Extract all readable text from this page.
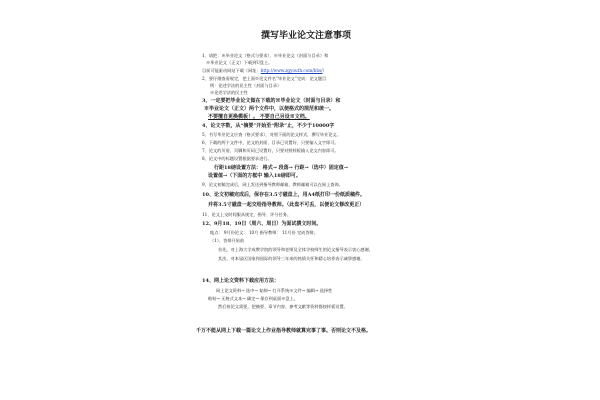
撰写毕业论文注意事项
1、请把：※毕业论文（格式与要求）、※毕业论文（封面与目录）和
※毕业论文（正文）下载到U盘上。
目前可能驱动网站下载（网址：http://www.zgyouth.com/bbs/）
2、要仔细查看规定，把上面※论文件名“毕业论文”完成：论文题目
例：论述学法的民主性（封面与目录）
※论述学法的民主性
3、一定要把毕业论文做在下载的※毕业论文（封面与目录）和
※毕业论文（正文）两个文件中，以便格式的规范和统一。
不要擅自更换模板！。 不要自己另设※文档。
4、论文字数，从“摘要”开始至“附录”止，不少于10000字
5、书写毕业论文应查（格式要求），对照下面的论文样式，撰写毕业论文。
6、下载的两个文件中，论文的封面、目录已设置好，只要输入文字即可。
7、论文的页眉、页脚和页码已设置好，只要对照样板输入论文内容即可。
8、论文中的标题设置根据要求进行。
行距18磅设置方法： 格式→ 段落→ 行距→（选中）固定值→
设置值→（下面的方框中 输入18磅即可。
9、论文初稿完成后，网上发送到指导教师邮箱，教师邮箱可以在网上查询。
10、论文初稿完成后，保存在3.5寸磁盘上，用A4纸打印一份纸质稿件。
并将3.5寸磁盘一起交给指导教师。（此盘不可丢，以便论文修改更正）
11、论文上交时间服从规定，指导、评分任务。
12、9月18、19日（周六、周日）为面试撰文时间。
地点： 9月份论文： 10月 指导教师： 11月份 完成答辩。
（1）、答辩开始前
首先，对上海大学成教学院的领导和老师及全体学校师生的论文指导表示衷心感谢。
其次，对本届区国家和国际的领导三年来的热情关怀和精心培养表示诚挚感谢。
14、网上论文资料下载应用方法：
网上论文资料→ 选中→ 复制→ 打开系统※文件→ 编辑→ 选择性
粘贴→ 无格式文本→ 确定→ 保存到桌面※盘上。
然后按论文需要，把摘要、章节内容、参考文献等资料都按样板设置。
千万不能从网上下载一篇论文上作业指导教师就算完事了事。否则论文不及格。
